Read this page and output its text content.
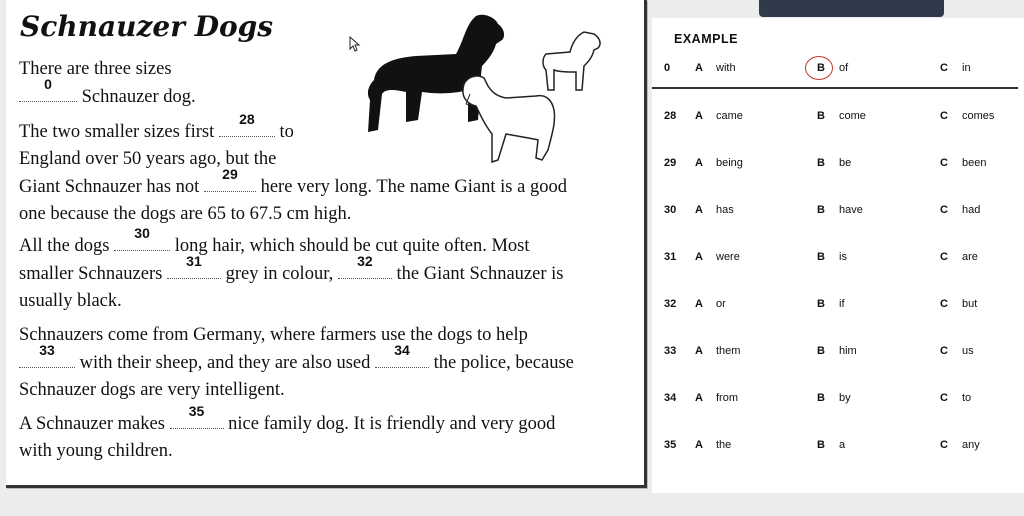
Schnauzer Dogs
There are three sizes
0
Schnauzer dog.
The two smaller sizes first
28
to
England over 50 years ago, but the
Giant Schnauzer has not
29
here very long. The name Giant is a good
one because the dogs are 65 to 67.5 cm high.
All the dogs
30
long hair, which should be cut quite often. Most
smaller Schnauzers
31
grey in colour,
32
the Giant Schnauzer is
usually black.
Schnauzers come from Germany, where farmers use the dogs to help
33
with their sheep, and they are also used
34
the police, because
Schnauzer dogs are very intelligent.
A Schnauzer makes
35
nice family dog. It is friendly and very good
with young children.
EXAMPLE
0 A with	B of	C in
28 A came	B come	C comes
29 A being	B be	C been
30 A has	B have	C had
31 A were	B is	C are
32 A or	B if	C but
33 A them	B him	C us
34 A from	B by	C to
35 A the	B a	C any
